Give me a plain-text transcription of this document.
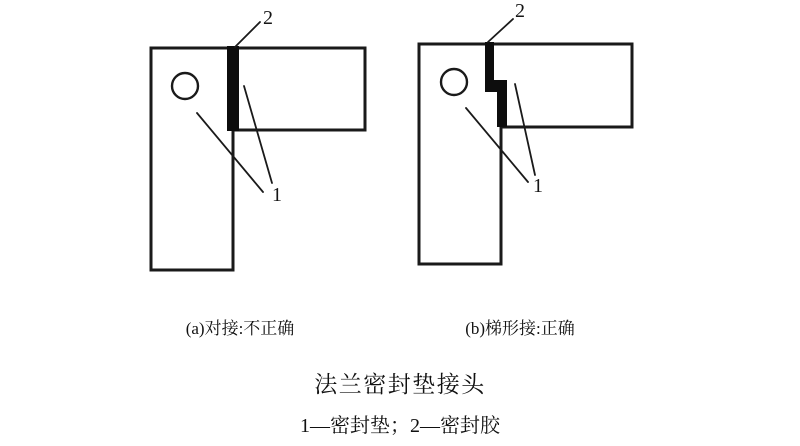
2
1
2
1
(a)对接:不正确	(b)梯形接:正确
法兰密封垫接头
1—密封垫；2—密封胶
